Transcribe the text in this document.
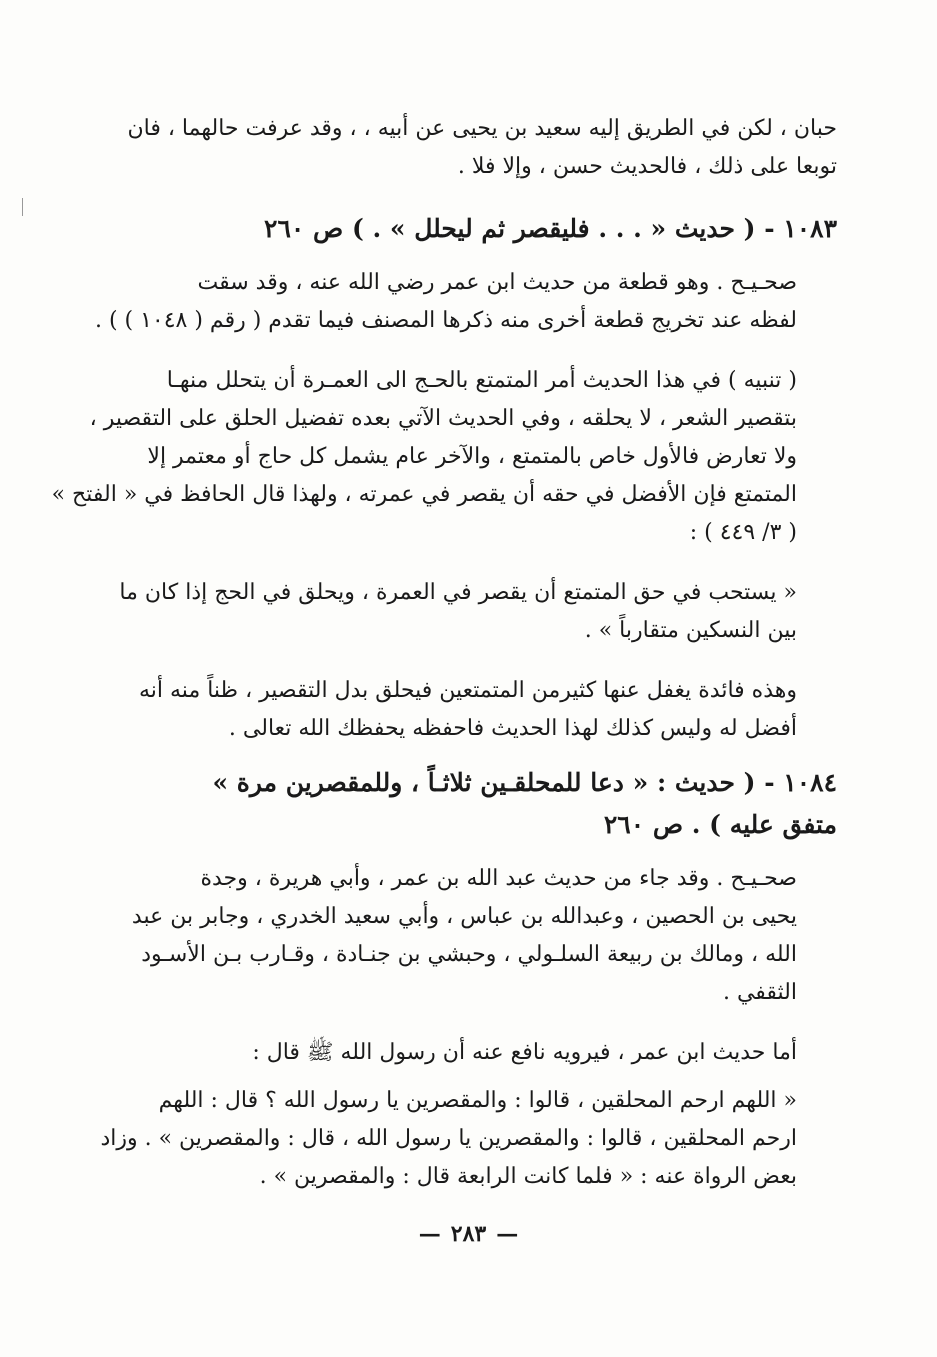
حبان ، لكن في الطريق إليه سعيد بن يحيى عن أبيه ، ، وقد عرفت حالهما ، فان
توبعا على ذلك ، فالحديث حسن ، وإلا فلا .
١٠٨٣ - ( حديث « . . . فليقصر ثم ليحلل » . ) ص ٢٦٠
صحـيـح . وهو قطعة من حديث ابن عمر رضي الله عنه ، وقد سقت
لفظه عند تخريج قطعة أخرى منه ذكرها المصنف فيما تقدم ( رقم ( ١٠٤٨ ) ) .
( تنبيه ) في هذا الحديث أمر المتمتع بالحـج الى العمـرة أن يتحلل منهـا
بتقصير الشعر ، لا يحلقه ، وفي الحديث الآتي بعده تفضيل الحلق على التقصير ،
ولا تعارض فالأول خاص بالمتمتع ، والآخر عام يشمل كل حاج أو معتمر إلا
المتمتع فإن الأفضل في حقه أن يقصر في عمرته ، ولهذا قال الحافظ في « الفتح »
( ٣/ ٤٤٩ ) :
« يستحب في حق المتمتع أن يقصر في العمرة ، ويحلق في الحج إذا كان ما
بين النسكين متقارباً » .
وهذه فائدة يغفل عنها كثيرمن المتمتعين فيحلق بدل التقصير ، ظناً منه أنه
أفضل له وليس كذلك لهذا الحديث فاحفظه يحفظك الله تعالى .
١٠٨٤ - ( حديث : « دعا للمحلقـين ثلاثـاً ، وللمقصرين مرة »
متفق عليه ) . ص ٢٦٠
صحـيـح . وقد جاء من حديث عبد الله بن عمر ، وأبي هريرة ، وجدة
يحيى بن الحصين ، وعبدالله بن عباس ، وأبي سعيد الخدري ، وجابر بن عبد
الله ، ومالك بن ربيعة السلـولي ، وحبشي بن جنـادة ، وقـارب بـن الأسـود
الثقفي .
أما حديث ابن عمر ، فيرويه نافع عنه أن رسول الله ﷺ قال :
« اللهم ارحم المحلقين ، قالوا : والمقصرين يا رسول الله ؟ قال : اللهم
ارحم المحلقين ، قالوا : والمقصرين يا رسول الله ، قال : والمقصرين » . وزاد
بعض الرواة عنه : « فلما كانت الرابعة قال : والمقصرين » .
—٢٨٣—
